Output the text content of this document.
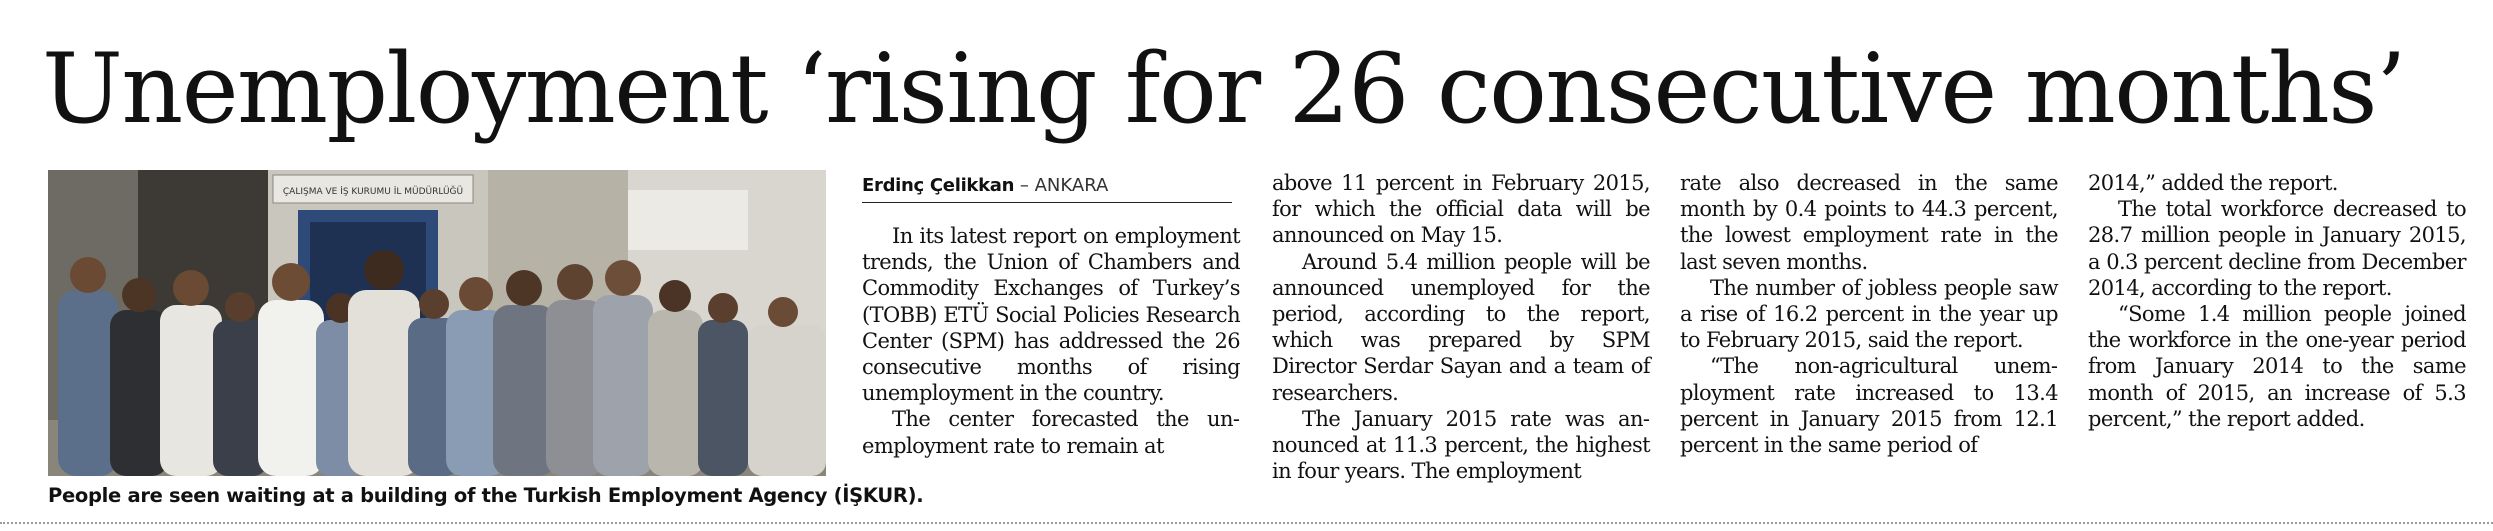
Unemployment ‘rising for 26 consecutive months’
ÇALIŞMA VE İŞ KURUMU İL MÜDÜRLÜĞÜ
People are seen waiting at a building of the Turkish Employment Agency (İŞKUR).
Erdinç Çelikkan – ANKARA

In its latest report on employment trends, the Union of Chambers and Commodity Exchanges of Turkey’s (TOBB) ETÜ Social Policies Research Center (SPM) has addressed the 26 consecutive months of rising unemployment in the country.

The center forecasted the unemployment rate to remain at

above 11 percent in February 2015, for which the official data will be announced on May 15.

Around 5.4 million people will be announced unemployed for the period, according to the report, which was prepared by SPM Director Serdar Sayan and a team of researchers.

The January 2015 rate was announced at 11.3 percent, the highest in four years. The employment

rate also decreased in the same month by 0.4 points to 44.3 percent, the lowest employment rate in the last seven months.

The number of jobless people saw a rise of 16.2 percent in the year up to February 2015, said the report.

“The non-agricultural unemployment rate increased to 13.4 percent in January 2015 from 12.1 percent in the same period of

2014,” added the report.

The total workforce decreased to 28.7 million people in January 2015, a 0.3 percent decline from December 2014, according to the report.

“Some 1.4 million people joined the workforce in the one-year period from January 2014 to the same month of 2015, an increase of 5.3 percent,” the report added.
